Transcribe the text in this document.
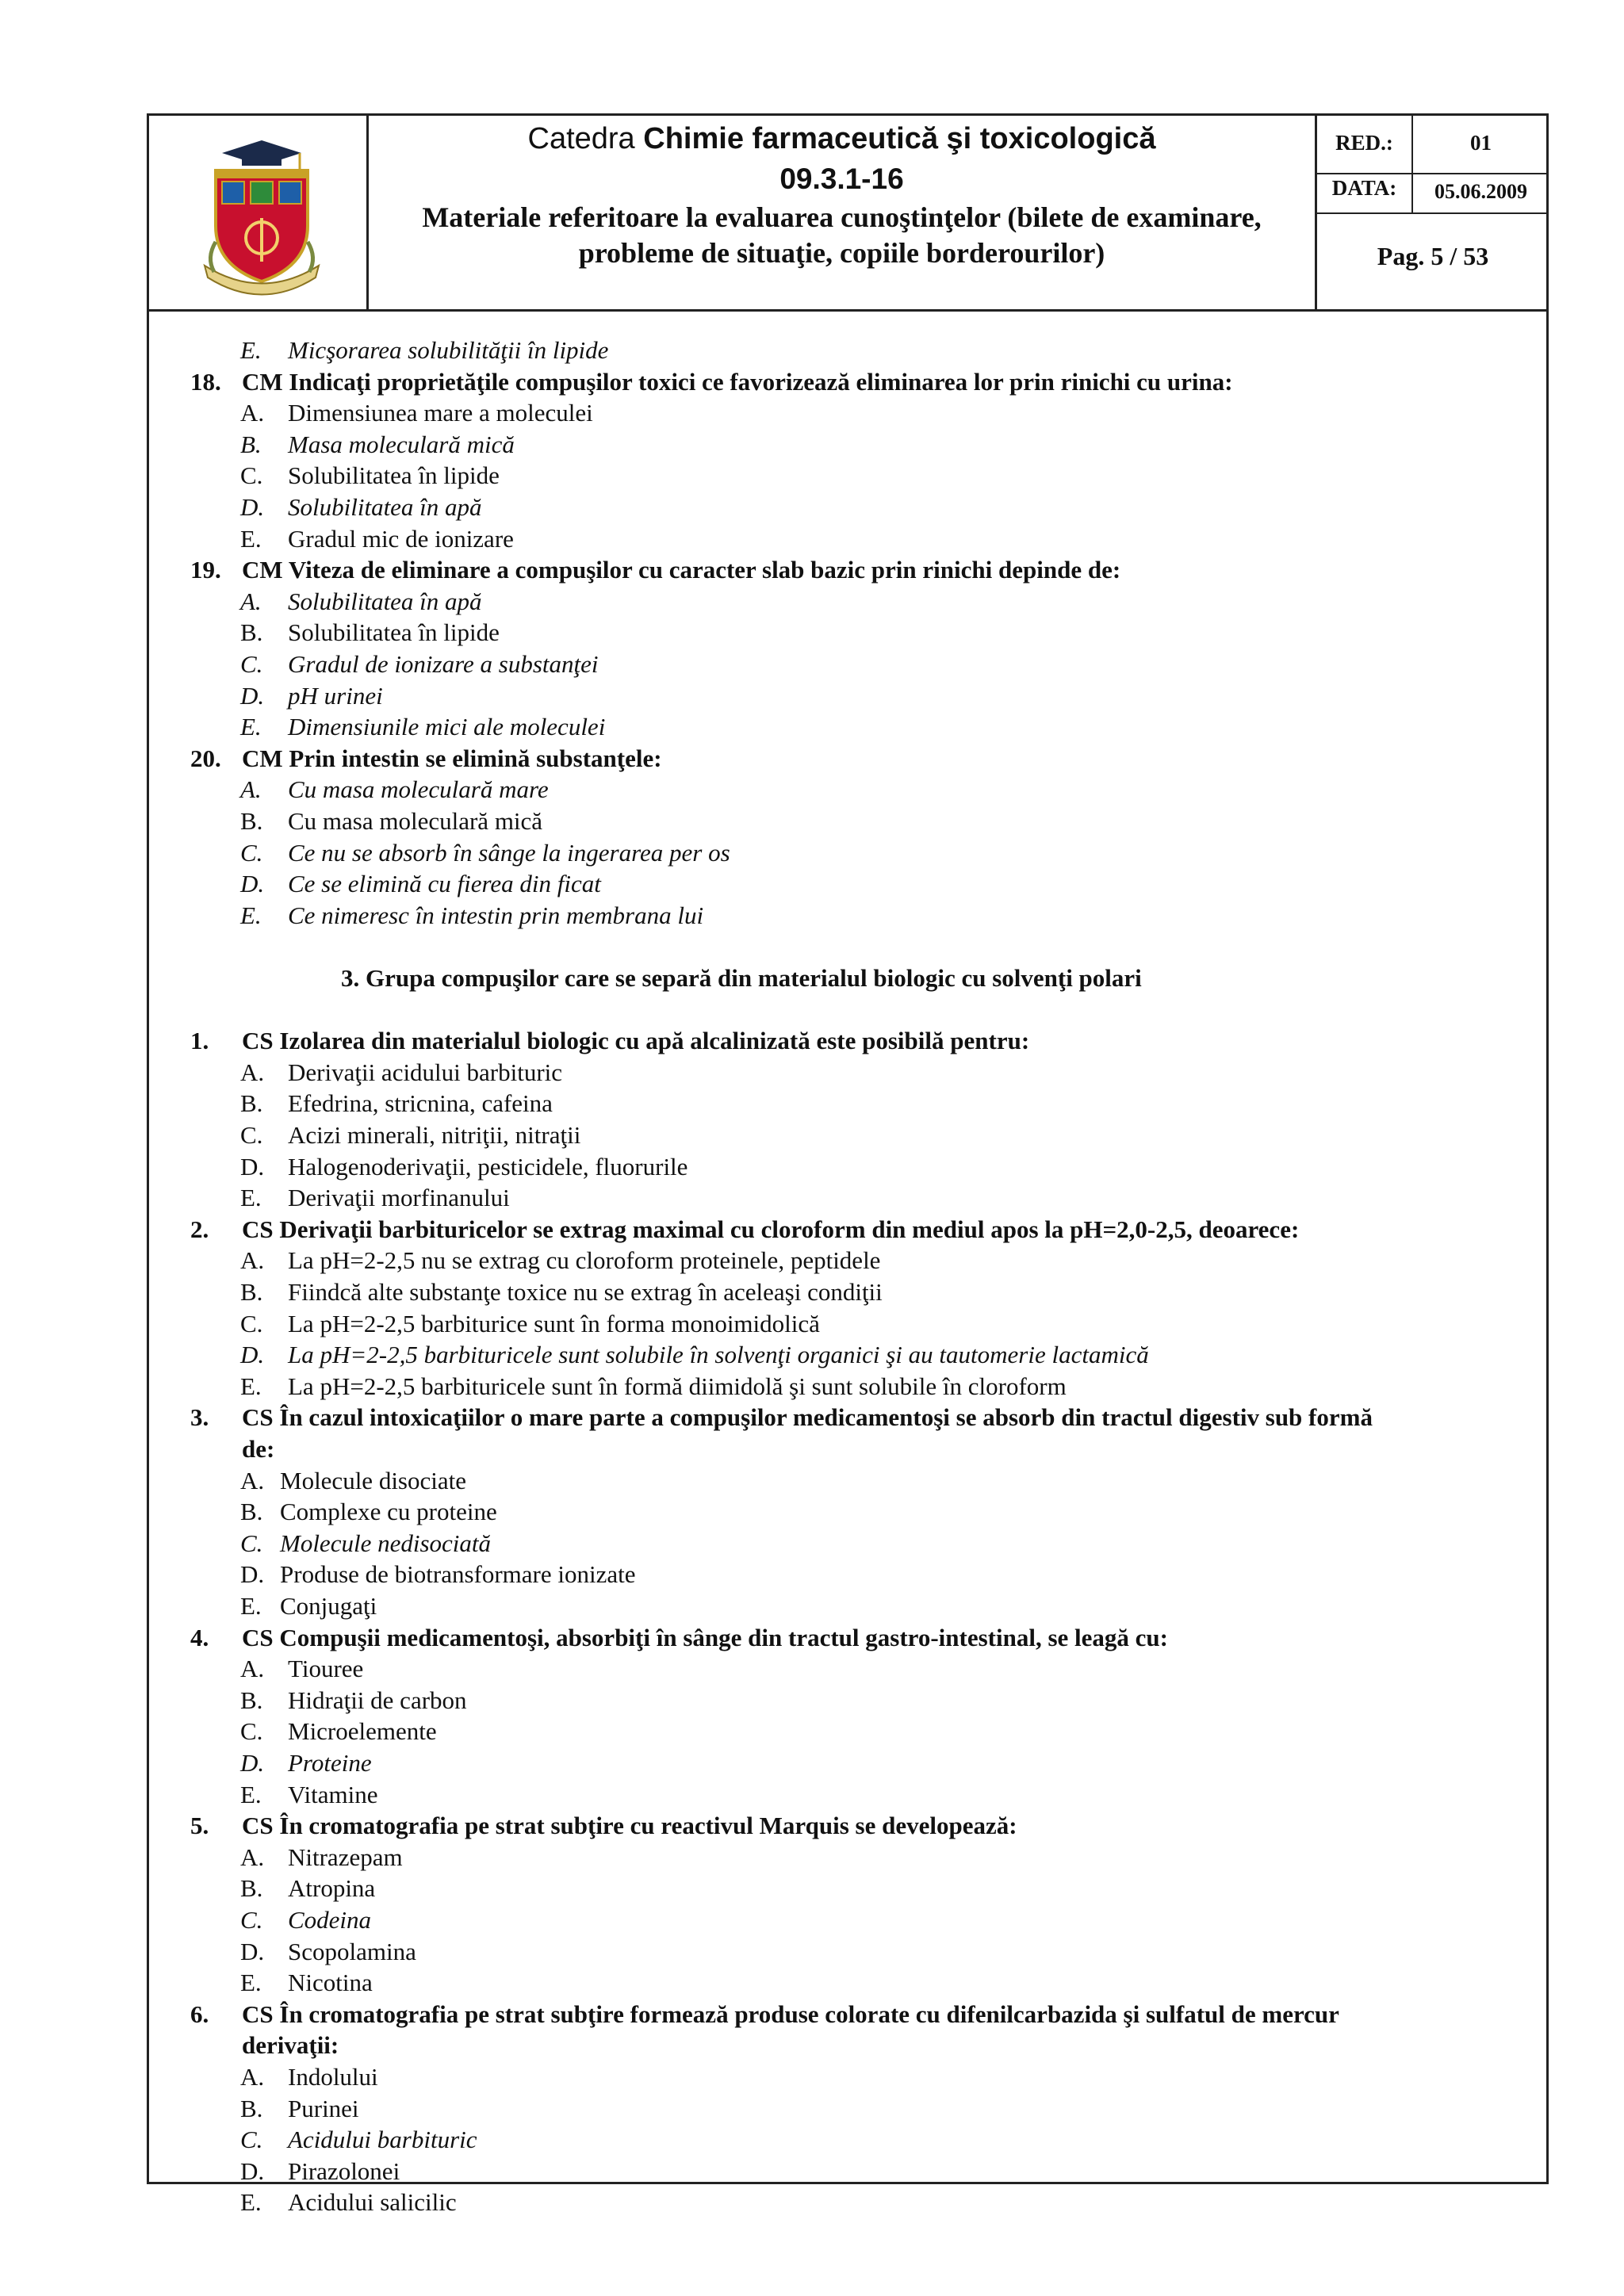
Catedra Chimie farmaceutică şi toxicologică
09.3.1-16
Materiale referitoare la evaluarea cunoştinţelor (bilete de examinare,
probleme de situaţie, copiile borderourilor)
RED.:	01
DATA:	05.06.2009
Pag. 5 / 53
E. Micşorarea solubilităţii în lipide
18. CM Indicaţi proprietăţile compuşilor toxici ce favorizează eliminarea lor prin rinichi cu urina:
A. Dimensiunea mare a moleculei
B. Masa moleculară mică
C. Solubilitatea în lipide
D. Solubilitatea în apă
E. Gradul mic de ionizare
19. CM Viteza de eliminare a compuşilor cu caracter slab bazic prin rinichi depinde de:
A. Solubilitatea în apă
B. Solubilitatea în lipide
C. Gradul de ionizare a substanţei
D. pH urinei
E. Dimensiunile mici ale moleculei
20. CM Prin intestin se elimină substanţele:
A. Cu masa moleculară mare
B. Cu masa moleculară mică
C. Ce nu se absorb în sânge la ingerarea per os
D. Ce se elimină cu fierea din ficat
E. Ce nimeresc în intestin prin membrana lui
3. Grupa compuşilor care se separă din materialul biologic cu solvenţi polari
1. CS Izolarea din materialul biologic cu apă alcalinizată este posibilă pentru:
A. Derivaţii acidului barbituric
B. Efedrina, stricnina, cafeina
C. Acizi minerali, nitriţii, nitraţii
D. Halogenoderivaţii, pesticidele, fluorurile
E. Derivaţii morfinanului
2. CS Derivaţii barbituricelor se extrag maximal cu cloroform din mediul apos la pH=2,0-2,5, deoarece:
A. La pH=2-2,5 nu se extrag cu cloroform proteinele, peptidele
B. Fiindcă alte substanţe toxice nu se extrag în aceleaşi condiţii
C. La pH=2-2,5 barbiturice sunt în forma monoimidolică
D. La pH=2-2,5 barbituricele sunt solubile în solvenţi organici şi au tautomerie lactamică
E. La pH=2-2,5 barbituricele sunt în formă diimidolă şi sunt solubile în cloroform
3. CS În cazul intoxicaţiilor o mare parte a compuşilor medicamentoşi se absorb din tractul digestiv sub formă
de:
A. Molecule disociate
B. Complexe cu proteine
C. Molecule nedisociată
D. Produse de biotransformare ionizate
E. Conjugaţi
4. CS Compuşii medicamentoşi, absorbiţi în sânge din tractul gastro-intestinal, se leagă cu:
A. Tiouree
B. Hidraţii de carbon
C. Microelemente
D. Proteine
E. Vitamine
5. CS În cromatografia pe strat subţire cu reactivul Marquis se developează:
A. Nitrazepam
B. Atropina
C. Codeina
D. Scopolamina
E. Nicotina
6. CS În cromatografia pe strat subţire formează produse colorate cu difenilcarbazida şi sulfatul de mercur
derivaţii:
A. Indolului
B. Purinei
C. Acidului barbituric
D. Pirazolonei
E. Acidului salicilic
